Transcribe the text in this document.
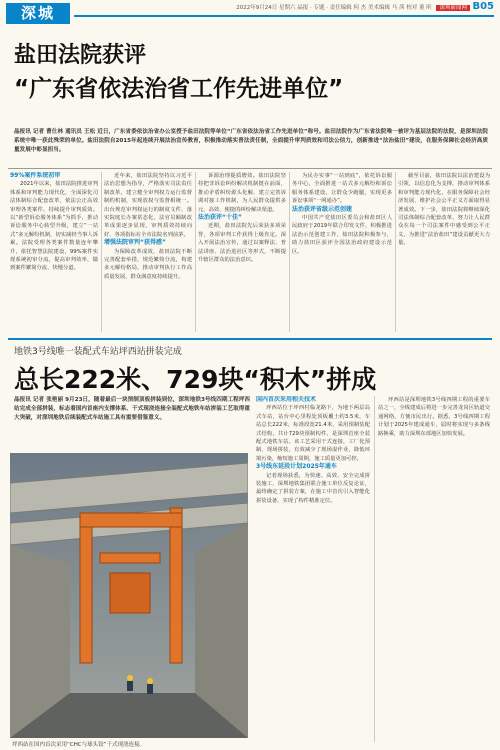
深城	2022年9月24日 星期六 晶报 · 专题 · 责任编辑 何 杰 美术编辑 马 茜 校对 董 昕 深圳新闻网 B05
盐田法院获评
“广东省依法治省工作先进单位”
晶报讯 记者 曹仕林 通讯员 王松 近日，广东省委依法治省办公室授予盐田法院等单位“广东省依法治省工作先进单位”称号。盐田法院作为广东省法院唯一被评为基层法院的法院，是深圳法院系统中唯一获此殊荣的单位。盐田法院自2015年起连续开展法治宣传教育，积极推动落实普法责任制，全面提升审判质效和司法公信力，创新推进“法治盐田”建设，在服务保障社会经济高质量发展中彰显担当。

99%案件系统初审

2021年以来，盐田法院推进审判体系和审判能力现代化，全面深化司法体制综合配套改革，依法公正高效审理各类案件，持续提升审判质效。以“新型诉讼服务体系”为抓手，推动诉讼服务中心转型升级，建立“一站式”多元解纷机制，切实减轻当事人诉累。法院受理各类案件数量连年攀升，依托智慧法院建设，99%案件实现系统初审分流，提高审判效率，做到案件繁简分流、快慢分道。

近年来，盐田法院坚持以习近平法治思想为指导，严格落实司法责任制改革，建立健全审判权力运行监督制约机制，实现放权与监督相统一。出台规范审判权运行的制度文件，落实院庭长办案常态化，法官员额制改革成果逐步显现，审判质效持续向好，各项指标在全市法院名列前茅。

增强法院审判“获得感”

为保障改革成效，盐田法院不断完善配套举措，规范繁简分流，构建多元解纷格局，推动审判执行工作高质量发展，群众满意度持续提升。

诉源治理提质增效。盐田法院坚持把非诉讼纠纷解决机制挺在前面，推动矛盾纠纷源头化解，建立完善诉调对接工作机制，为人民群众提供多元、高效、便捷的纠纷解决渠道。

法治获评“十佳”

近期，盐田法院先后荣获多项荣誉，各项审判工作获得上级肯定。深入开展法治宣传，通过以案释法、普法讲座、法治进社区等形式，不断提升辖区群众的法治意识。

为民办实事“一站到底”，依托诉讼服务中心，全面推进一站式多元解纷和诉讼服务体系建设，让群众少跑腿，实现更多诉讼事项“一网通办”。

法治获评省级示范创建

中国共产党盐田区委员会和盐田区人民政府于2019年联合印发文件，积极推进法治示范创建工作，盐田法院积极参与，助力盐田区获评全国法治政府建设示范区。

截至目前，盐田法院以法治建设为引领，以信息化为支撑，推动审判体系和审判能力现代化，在服务保障社会经济发展、维护社会公平正义方面取得显著成效。下一步，盐田法院将继续深化司法体制综合配套改革，努力让人民群众在每一个司法案件中感受到公平正义，为推进“法治盐田”建设贡献更大力量。

地铁3号线唯一装配式车站坪西站拼装完成
总长222米、729块“积木”拼成
晶报讯 记者 张艳丽 9月23日，随着最后一块预制顶板拼装到位，深圳地铁3号线四期工程坪西站完成全部拼装，标志着国内首座内支撑体系、干式现浇连接全装配式地铁车站拼装工艺取得重大突破，对深圳地铁后续装配式车站施工具有重要借鉴意义。
坪西站在国内首次采用“CHC与球头铰”干式现浇连接。

国内首次采用相关技术

坪西站位于坪西村临龙路下，为地下两层岛式车站，站台中心里程处顶板覆土约3.5米，车站总长222米，标准段宽21.4米，采用预制装配式结构，共计729块预制构件，是深圳首座全装配式地铁车站。该工艺采用干式连接，工厂化预制、现场拼装，有效减少了现场湿作业，降低环境污染，缩短施工周期，施工质量更加可控。

3号线东延段计划2025年通车

记者现场获悉，为快速、高效、安全完成拼装施工，深圳地铁集团联合施工单位反复论证，最终确定了拼装方案，在施工中首次引入智能化拼装设备，实现了构件精准定位。

坪西站是深圳地铁3号线四期工程的重要车站之一，全线建成后将进一步完善龙岗区轨道交通网络，方便市民出行。据悉，3号线四期工程计划于2025年建成通车，届时将实现与多条线路换乘，助力深圳东部地区加快发展。
